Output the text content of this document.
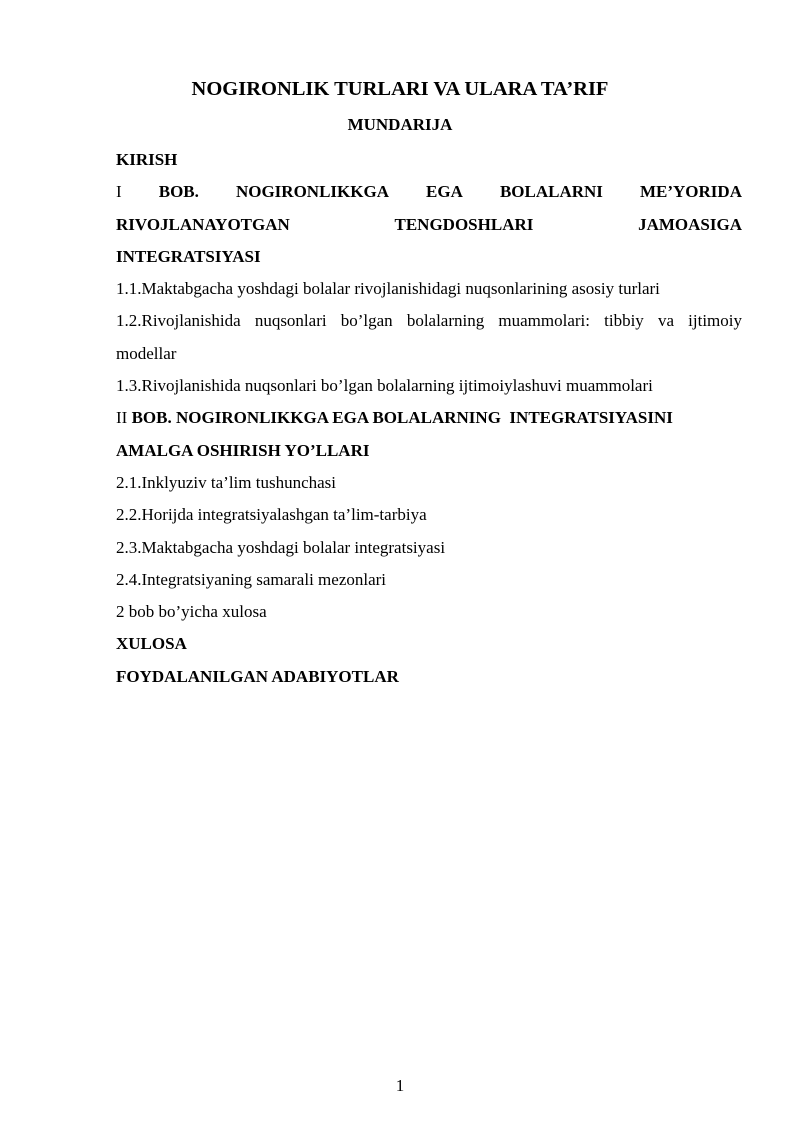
NOGIRONLIK TURLARI VA ULARA TA’RIF
MUNDARIJA
KIRISH
I BOB. NOGIRONLIKKGA EGA BOLALARNI ME’YORIDA
RIVOJLANAYOTGAN	TENGDOSHLARI	JAMOASIGA
INTEGRATSIYASI
1.1.Maktabgacha yoshdagi bolalar rivojlanishidagi nuqsonlarining asosiy turlari
1.2.Rivojlanishida nuqsonlari bo’lgan bolalarning muammolari: tibbiy va ijtimoiy
modellar
1.3.Rivojlanishida nuqsonlari bo’lgan bolalarning ijtimoiylashuvi muammolari
II BOB. NOGIRONLIKKGA EGA BOLALARNING  INTEGRATSIYASINI
AMALGA OSHIRISH YO’LLARI
2.1.Inklyuziv ta’lim tushunchasi
2.2.Horijda integratsiyalashgan ta’lim-tarbiya
2.3.Maktabgacha yoshdagi bolalar integratsiyasi
2.4.Integratsiyaning samarali mezonlari
2 bob bo’yicha xulosa
XULOSA
FOYDALANILGAN ADABIYOTLAR
1
